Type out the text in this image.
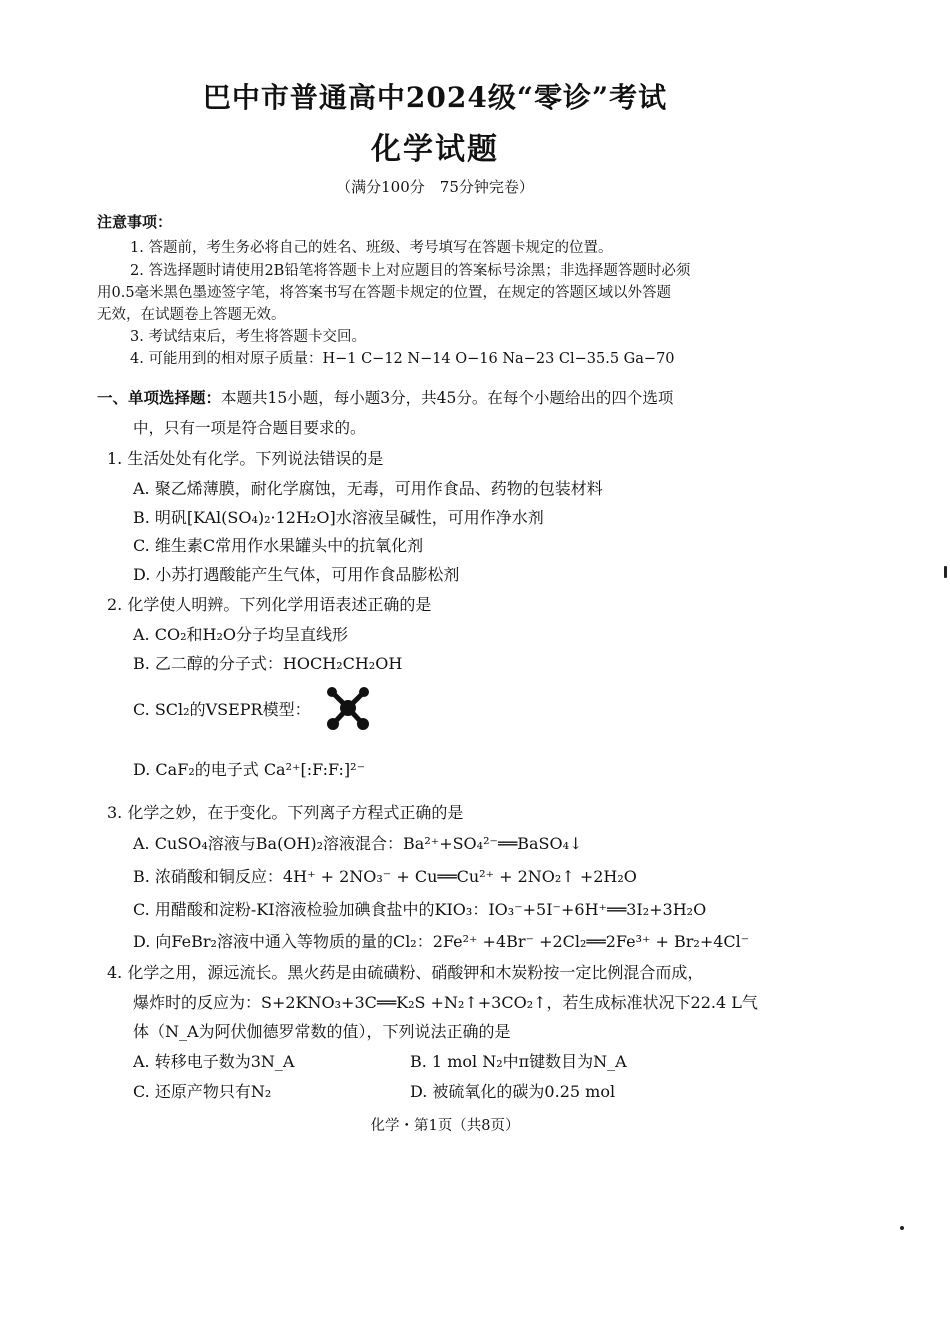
巴中市普通高中2024级“零诊”考试
化学试题
（满分100分　75分钟完卷）
注意事项：
1. 答题前，考生务必将自己的姓名、班级、考号填写在答题卡规定的位置。
2. 答选择题时请使用2B铅笔将答题卡上对应题目的答案标号涂黑；非选择题答题时必须
用0.5毫米黑色墨迹签字笔，将答案书写在答题卡规定的位置，在规定的答题区域以外答题
无效，在试题卷上答题无效。
3. 考试结束后，考生将答题卡交回。
4. 可能用到的相对原子质量：H−1 C−12 N−14 O−16 Na−23 Cl−35.5 Ga−70
一、单项选择题：本题共15小题，每小题3分，共45分。在每个小题给出的四个选项
中，只有一项是符合题目要求的。
1. 生活处处有化学。下列说法错误的是
A. 聚乙烯薄膜，耐化学腐蚀，无毒，可用作食品、药物的包装材料
B. 明矾[KAl(SO₄)₂·12H₂O]水溶液呈碱性，可用作净水剂
C. 维生素C常用作水果罐头中的抗氧化剂
D. 小苏打遇酸能产生气体，可用作食品膨松剂
2. 化学使人明辨。下列化学用语表述正确的是
A. CO₂和H₂O分子均呈直线形
B. 乙二醇的分子式：HOCH₂CH₂OH
C. SCl₂的VSEPR模型：
D. CaF₂的电子式 Ca²⁺[:F:F:]²⁻
3. 化学之妙，在于变化。下列离子方程式正确的是
A. CuSO₄溶液与Ba(OH)₂溶液混合：Ba²⁺+SO₄²⁻══BaSO₄↓
B. 浓硝酸和铜反应：4H⁺ + 2NO₃⁻ + Cu══Cu²⁺ + 2NO₂↑ +2H₂O
C. 用醋酸和淀粉-KI溶液检验加碘食盐中的KIO₃：IO₃⁻+5I⁻+6H⁺══3I₂+3H₂O
D. 向FeBr₂溶液中通入等物质的量的Cl₂：2Fe²⁺ +4Br⁻ +2Cl₂══2Fe³⁺ + Br₂+4Cl⁻
4. 化学之用，源远流长。黑火药是由硫磺粉、硝酸钾和木炭粉按一定比例混合而成，
爆炸时的反应为：S+2KNO₃+3C══K₂S +N₂↑+3CO₂↑，若生成标准状况下22.4 L气
体（N_A为阿伏伽德罗常数的值），下列说法正确的是
A. 转移电子数为3N_A	B. 1 mol N₂中π键数目为N_A
C. 还原产物只有N₂	D. 被硫氧化的碳为0.25 mol
化学・第1页（共8页）
